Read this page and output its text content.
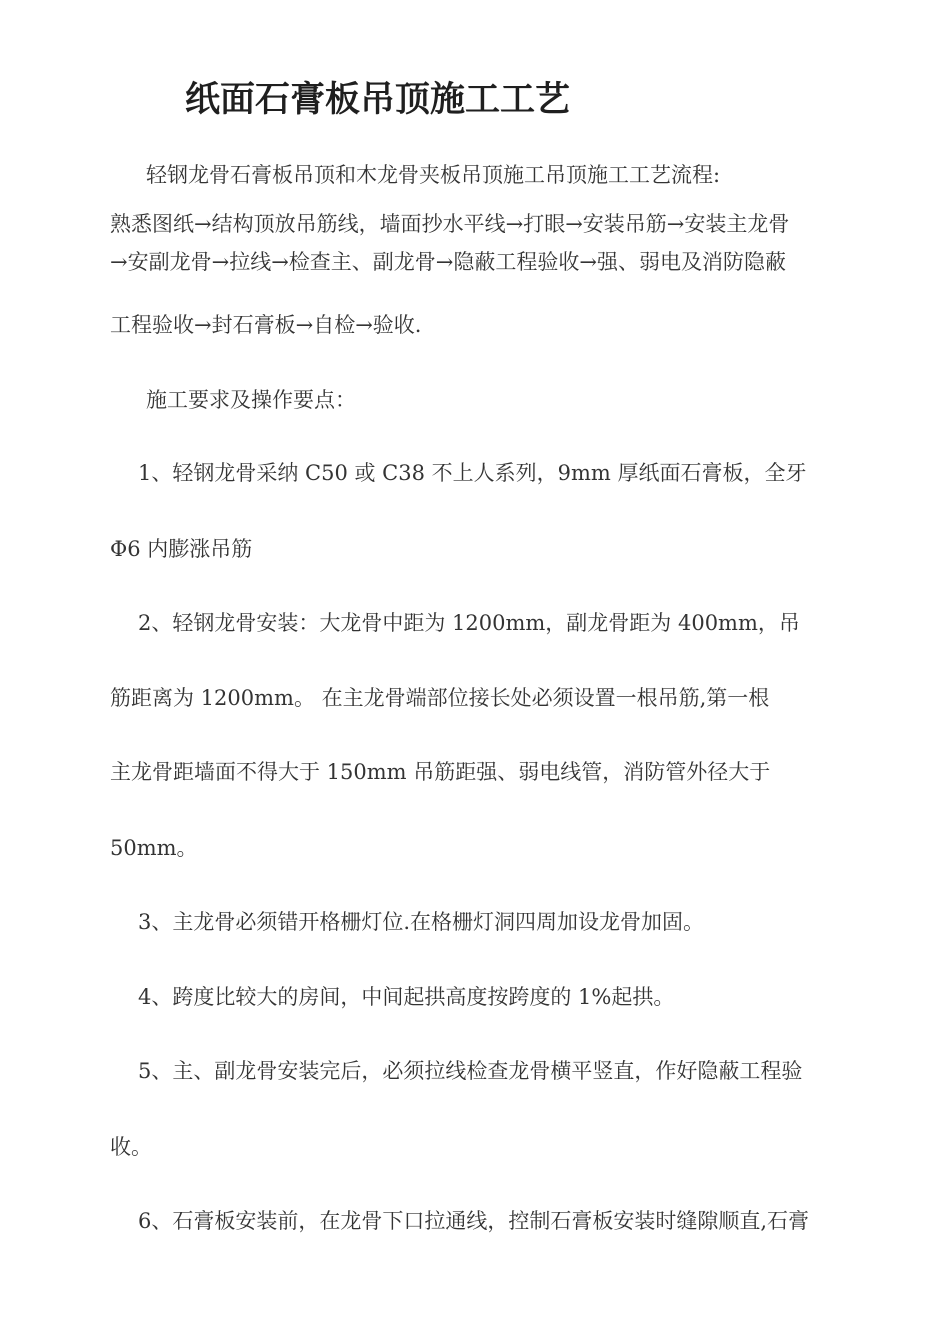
纸面石膏板吊顶施工工艺
轻钢龙骨石膏板吊顶和木龙骨夹板吊顶施工吊顶施工工艺流程:
熟悉图纸→结构顶放吊筋线，墙面抄水平线→打眼→安装吊筋→安装主龙骨
→安副龙骨→拉线→检查主、副龙骨→隐蔽工程验收→强、弱电及消防隐蔽
工程验收→封石膏板→自检→验收.
施工要求及操作要点：
1、轻钢龙骨采纳 C50 或 C38 不上人系列，9mm 厚纸面石膏板，全牙
Φ6 内膨涨吊筋
2、轻钢龙骨安装：大龙骨中距为 1200mm，副龙骨距为 400mm，吊
筋距离为 1200mm。 在主龙骨端部位接长处必须设置一根吊筋,第一根
主龙骨距墙面不得大于 150mm 吊筋距强、弱电线管，消防管外径大于
50mm。
3、主龙骨必须错开格栅灯位.在格栅灯洞四周加设龙骨加固。
4、跨度比较大的房间，中间起拱高度按跨度的 1%起拱。
5、主、副龙骨安装完后，必须拉线检查龙骨横平竖直，作好隐蔽工程验
收。
6、石膏板安装前，在龙骨下口拉通线，控制石膏板安装时缝隙顺直,石膏
